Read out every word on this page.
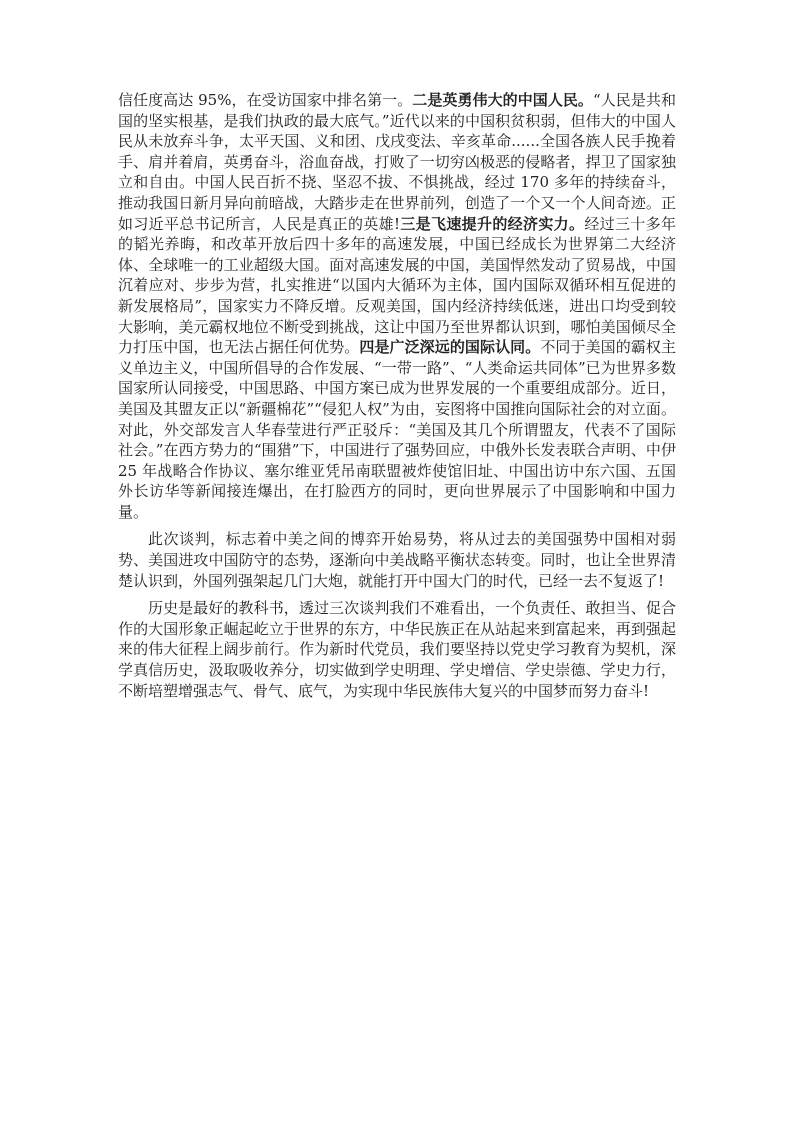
信任度高达 95%，在受访国家中排名第一。二是英勇伟大的中国人民。“人民是共和国的坚实根基，是我们执政的最大底气。”近代以来的中国积贫积弱，但伟大的中国人民从未放弃斗争，太平天国、义和团、戊戌变法、辛亥革命......全国各族人民手挽着手、肩并着肩，英勇奋斗，浴血奋战，打败了一切穷凶极恶的侵略者，捍卫了国家独立和自由。中国人民百折不挠、坚忍不拔、不惧挑战，经过 170 多年的持续奋斗，推动我国日新月异向前暗战，大踏步走在世界前列，创造了一个又一个人间奇迹。正如习近平总书记所言，人民是真正的英雄!三是飞速提升的经济实力。经过三十多年的韬光养晦，和改革开放后四十多年的高速发展，中国已经成长为世界第二大经济体、全球唯一的工业超级大国。面对高速发展的中国，美国悍然发动了贸易战，中国沉着应对、步步为营，扎实推进“以国内大循环为主体，国内国际双循环相互促进的新发展格局”，国家实力不降反增。反观美国，国内经济持续低迷，进出口均受到较大影响，美元霸权地位不断受到挑战，这让中国乃至世界都认识到，哪怕美国倾尽全力打压中国，也无法占据任何优势。四是广泛深远的国际认同。不同于美国的霸权主义单边主义，中国所倡导的合作发展、“一带一路”、“人类命运共同体”已为世界多数国家所认同接受，中国思路、中国方案已成为世界发展的一个重要组成部分。近日，美国及其盟友正以“新疆棉花”“侵犯人权”为由，妄图将中国推向国际社会的对立面。对此，外交部发言人华春莹进行严正驳斥：“美国及其几个所谓盟友，代表不了国际社会。”在西方势力的“围猎”下，中国进行了强势回应，中俄外长发表联合声明、中伊 25 年战略合作协议、塞尔维亚凭吊南联盟被炸使馆旧址、中国出访中东六国、五国外长访华等新闻接连爆出，在打脸西方的同时，更向世界展示了中国影响和中国力量。

此次谈判，标志着中美之间的博弈开始易势，将从过去的美国强势中国相对弱势、美国进攻中国防守的态势，逐渐向中美战略平衡状态转变。同时，也让全世界清楚认识到，外国列强架起几门大炮，就能打开中国大门的时代，已经一去不复返了!

历史是最好的教科书，透过三次谈判我们不难看出，一个负责任、敢担当、促合作的大国形象正崛起屹立于世界的东方，中华民族正在从站起来到富起来，再到强起来的伟大征程上阔步前行。作为新时代党员，我们要坚持以党史学习教育为契机，深学真信历史，汲取吸收养分，切实做到学史明理、学史增信、学史崇德、学史力行，不断培塑增强志气、骨气、底气，为实现中华民族伟大复兴的中国梦而努力奋斗!
